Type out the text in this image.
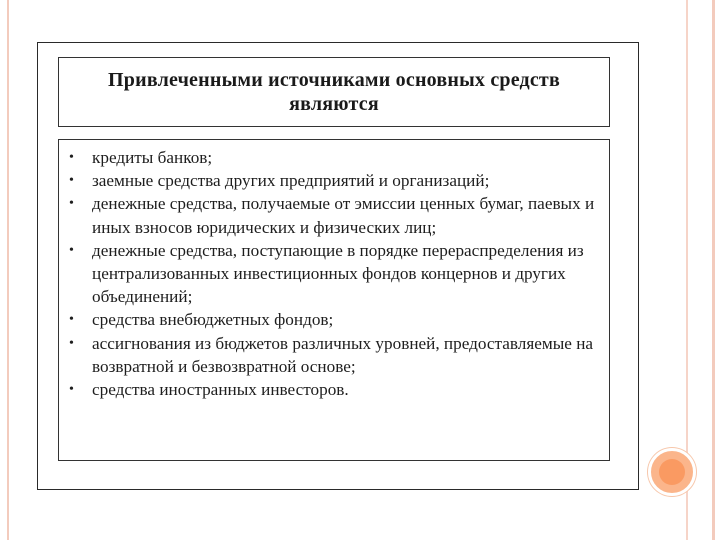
Привлеченными источниками основных средств
являются
• кредиты банков;
• заемные средства других предприятий и организаций;
• денежные средства, получаемые от эмиссии ценных бумаг, паевых и иных взносов юридических и физических лиц;
• денежные средства, поступающие в порядке перераспределения из централизованных инвестиционных фондов концернов и других объединений;
• средства внебюджетных фондов;
• ассигнования из бюджетов различных уровней, предоставляемые на возвратной и безвозвратной основе;
• средства иностранных инвесторов.
